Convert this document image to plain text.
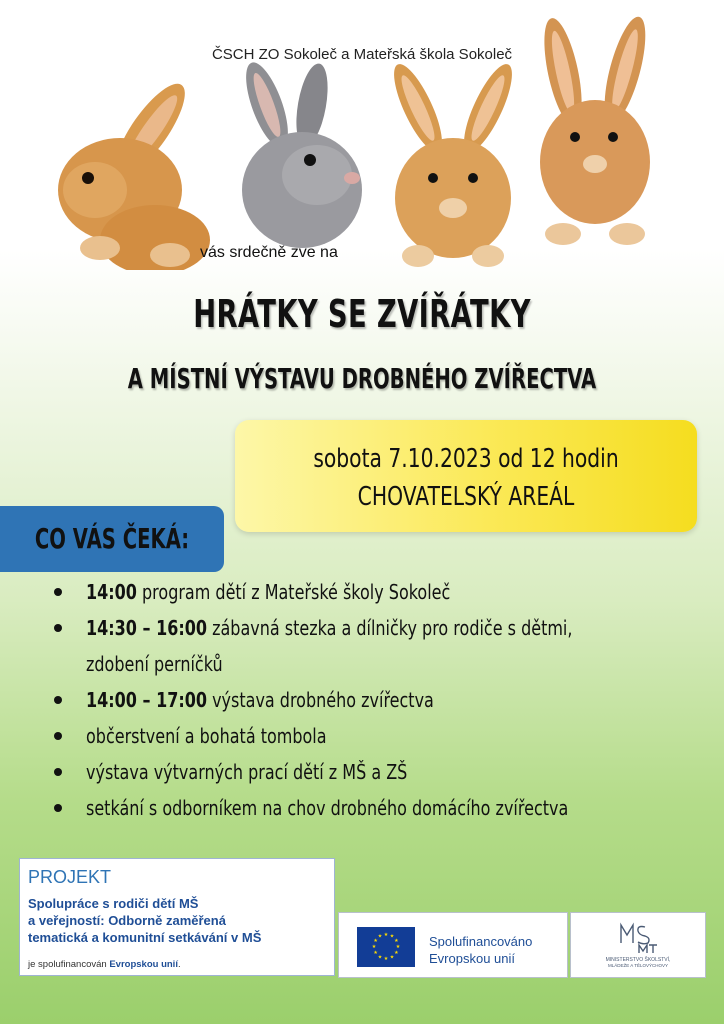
ČSCH ZO Sokoleč a Mateřská škola Sokoleč
vás srdečně zve na
HRÁTKY SE ZVÍŘÁTKY
A MÍSTNÍ VÝSTAVU DROBNÉHO ZVÍŘECTVA
sobota 7.10.2023 od 12 hodin
CHOVATELSKÝ AREÁL
CO VÁS ČEKÁ:
14:00 program dětí z Mateřské školy Sokoleč
14:30 – 16:00 zábavná stezka a dílničky pro rodiče s dětmi,
zdobení perníčků
14:00 – 17:00 výstava drobného zvířectva
občerstvení a bohatá tombola
výstava výtvarných prací dětí z MŠ a ZŠ
setkání s odborníkem na chov drobného domácího zvířectva
PROJEKT
Spolupráce s rodiči dětí MŠ
a veřejností: Odborně zaměřená
tematická a komunitní setkávání v MŠ
je spolufinancován Evropskou unií.
★ ★
★
★
★
★
★
★
★
★
★
★	Spolufinancováno
Evropskou unií	MINISTERSTVO ŠKOLSTVÍ,
MLÁDEŽE A TĚLOVÝCHOVY
